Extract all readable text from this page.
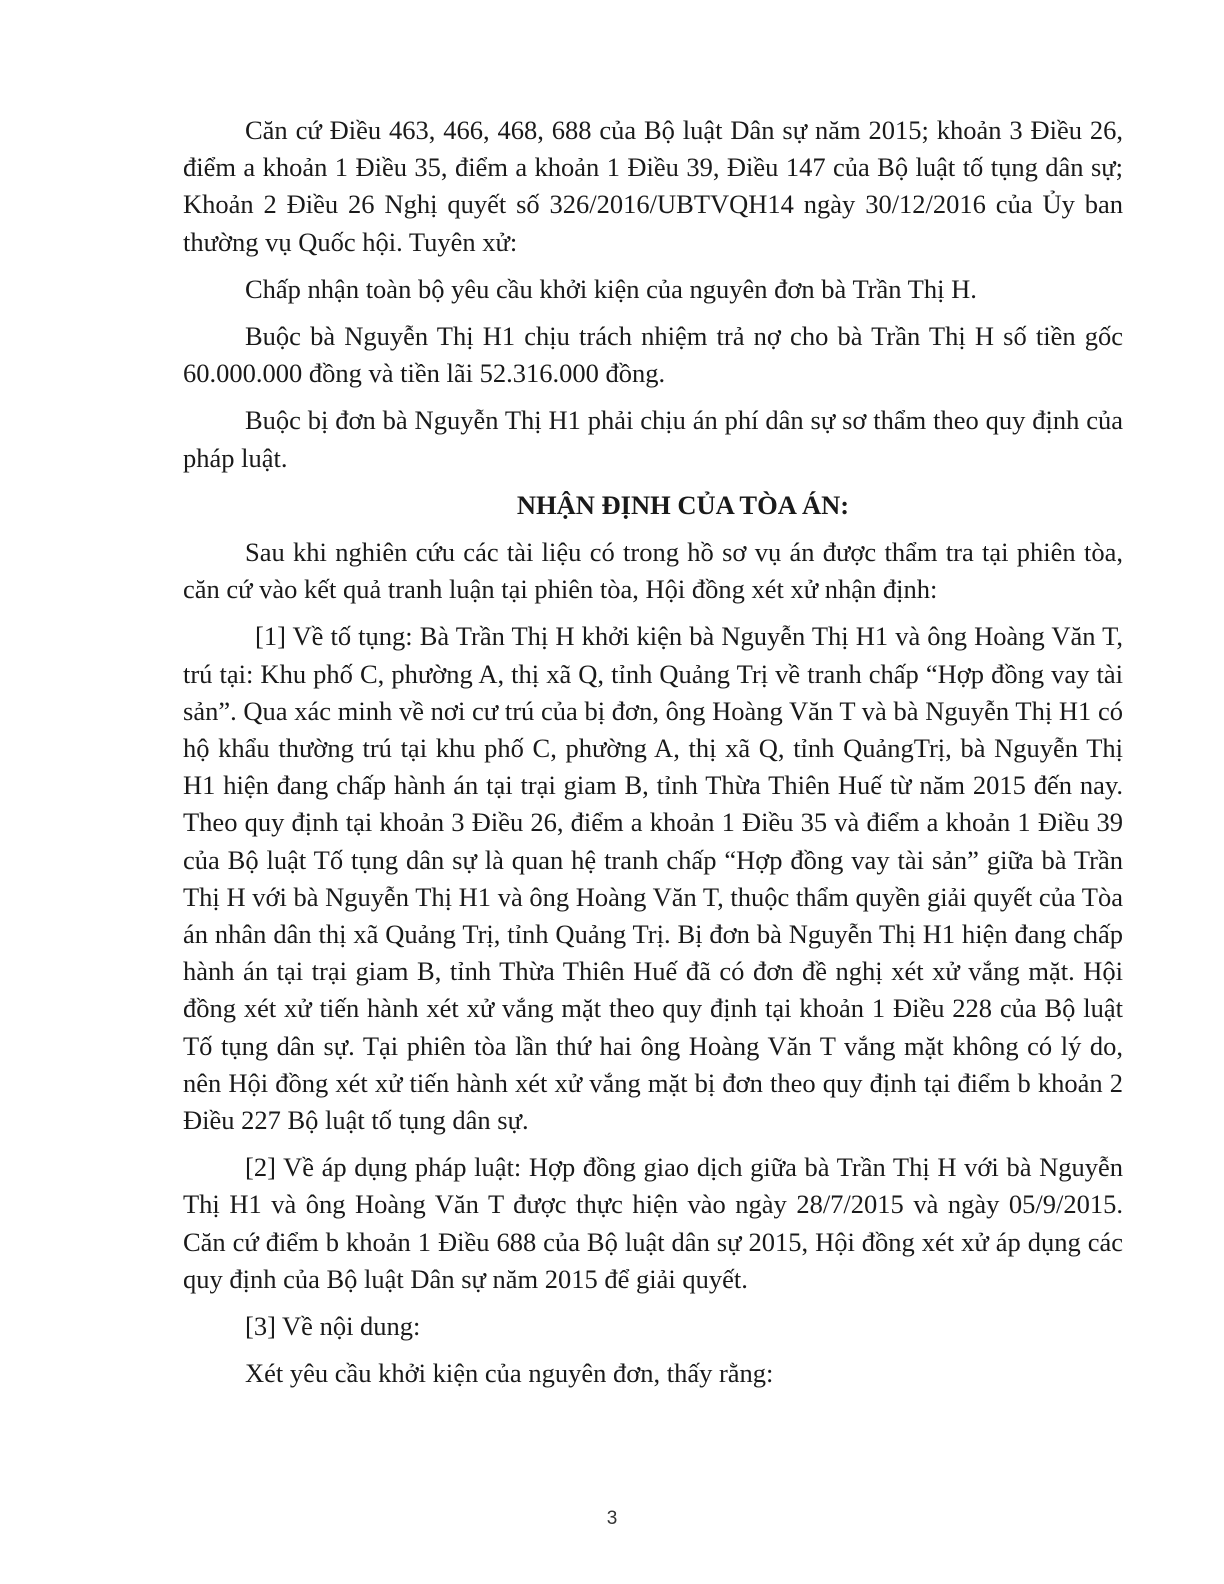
Căn cứ Điều 463, 466, 468, 688 của Bộ luật Dân sự năm 2015; khoản 3 Điều 26, điểm a khoản 1 Điều 35, điểm a khoản 1 Điều 39, Điều 147 của Bộ luật tố tụng dân sự; Khoản 2 Điều 26 Nghị quyết số 326/2016/UBTVQH14 ngày 30/12/2016 của Ủy ban thường vụ Quốc hội. Tuyên xử:

Chấp nhận toàn bộ yêu cầu khởi kiện của nguyên đơn bà Trần Thị H.

Buộc bà Nguyễn Thị H1 chịu trách nhiệm trả nợ cho bà Trần Thị H số tiền gốc 60.000.000 đồng và tiền lãi 52.316.000 đồng.

Buộc bị đơn bà Nguyễn Thị H1 phải chịu án phí dân sự sơ thẩm theo quy định của pháp luật.

NHẬN ĐỊNH CỦA TÒA ÁN:

Sau khi nghiên cứu các tài liệu có trong hồ sơ vụ án được thẩm tra tại phiên tòa, căn cứ vào kết quả tranh luận tại phiên tòa, Hội đồng xét xử nhận định:

[1] Về tố tụng: Bà Trần Thị H khởi kiện bà Nguyễn Thị H1 và ông Hoàng Văn T, trú tại: Khu phố C, phường A, thị xã Q, tỉnh Quảng Trị về tranh chấp “Hợp đồng vay tài sản”. Qua xác minh về nơi cư trú của bị đơn, ông Hoàng Văn T và bà Nguyễn Thị H1 có hộ khẩu thường trú tại khu phố C, phường A, thị xã Q, tỉnh QuảngTrị, bà Nguyễn Thị H1 hiện đang chấp hành án tại trại giam B, tỉnh Thừa Thiên Huế từ năm 2015 đến nay. Theo quy định tại khoản 3 Điều 26, điểm a khoản 1 Điều 35 và điểm a khoản 1 Điều 39 của Bộ luật Tố tụng dân sự là quan hệ tranh chấp “Hợp đồng vay tài sản” giữa bà Trần Thị H với bà Nguyễn Thị H1 và ông Hoàng Văn T, thuộc thẩm quyền giải quyết của Tòa án nhân dân thị xã Quảng Trị, tỉnh Quảng Trị. Bị đơn bà Nguyễn Thị H1 hiện đang chấp hành án tại trại giam B, tỉnh Thừa Thiên Huế đã có đơn đề nghị xét xử vắng mặt. Hội đồng xét xử tiến hành xét xử vắng mặt theo quy định tại khoản 1 Điều 228 của Bộ luật Tố tụng dân sự. Tại phiên tòa lần thứ hai ông Hoàng Văn T vắng mặt không có lý do, nên Hội đồng xét xử tiến hành xét xử vắng mặt bị đơn theo quy định tại điểm b khoản 2 Điều 227 Bộ luật tố tụng dân sự.

[2] Về áp dụng pháp luật: Hợp đồng giao dịch giữa bà Trần Thị H với bà Nguyễn Thị H1 và ông Hoàng Văn T được thực hiện vào ngày 28/7/2015 và ngày 05/9/2015. Căn cứ điểm b khoản 1 Điều 688 của Bộ luật dân sự 2015, Hội đồng xét xử áp dụng các quy định của Bộ luật Dân sự năm 2015 để giải quyết.

[3] Về nội dung:

Xét yêu cầu khởi kiện của nguyên đơn, thấy rằng:

3
